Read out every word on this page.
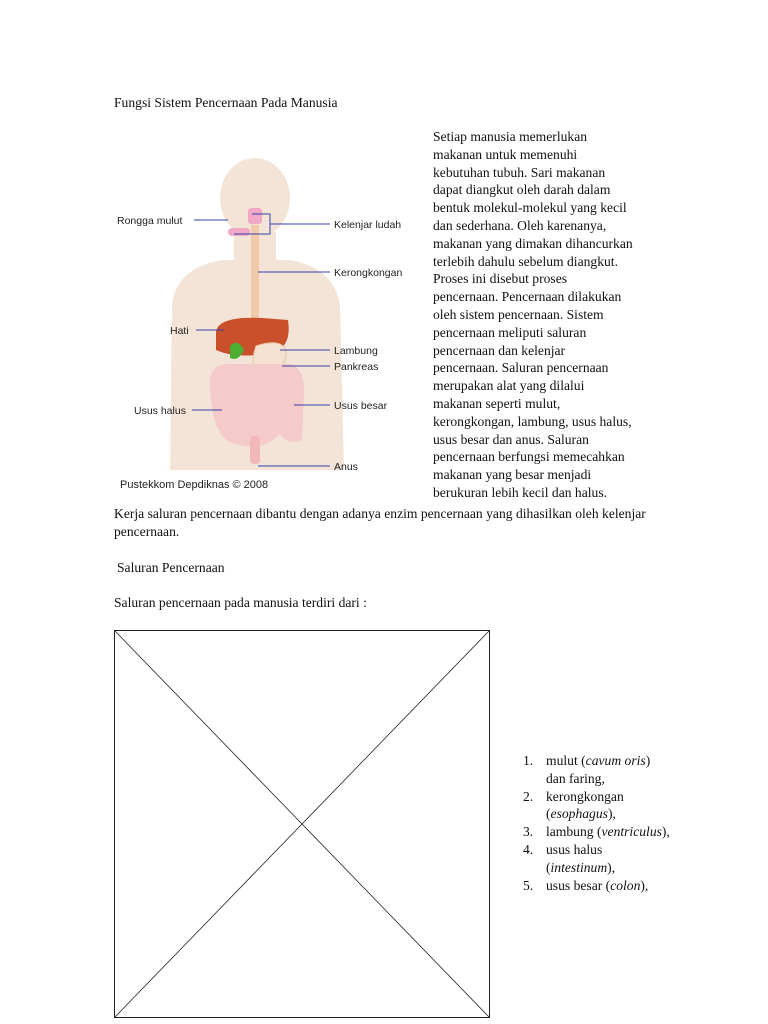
Fungsi Sistem Pencernaan Pada Manusia
Rongga mulut	Kelenjar ludah
Kerongkongan
Hati
Lambung
Pankreas
Usus halus	Usus besar
Anus
Pustekkom Depdiknas © 2008
Setiap manusia memerlukan
makanan untuk memenuhi
kebutuhan tubuh. Sari makanan
dapat diangkut oleh darah dalam
bentuk molekul-molekul yang kecil
dan sederhana. Oleh karenanya,
makanan yang dimakan dihancurkan
terlebih dahulu sebelum diangkut.
Proses ini disebut proses
pencernaan. Pencernaan dilakukan
oleh sistem pencernaan. Sistem
pencernaan meliputi saluran
pencernaan dan kelenjar
pencernaan. Saluran pencernaan
merupakan alat yang dilalui
makanan seperti mulut,
kerongkongan, lambung, usus halus,
usus besar dan anus. Saluran
pencernaan berfungsi memecahkan
makanan yang besar menjadi
berukuran lebih kecil dan halus.
Kerja saluran pencernaan dibantu dengan adanya enzim pencernaan yang dihasilkan oleh kelenjar pencernaan.
Saluran Pencernaan
Saluran pencernaan pada manusia terdiri dari :
1. mulut (cavum oris) dan faring,
2. kerongkongan (esophagus),
3. lambung (ventriculus),
4. usus halus (intestinum),
5. usus besar (colon),
